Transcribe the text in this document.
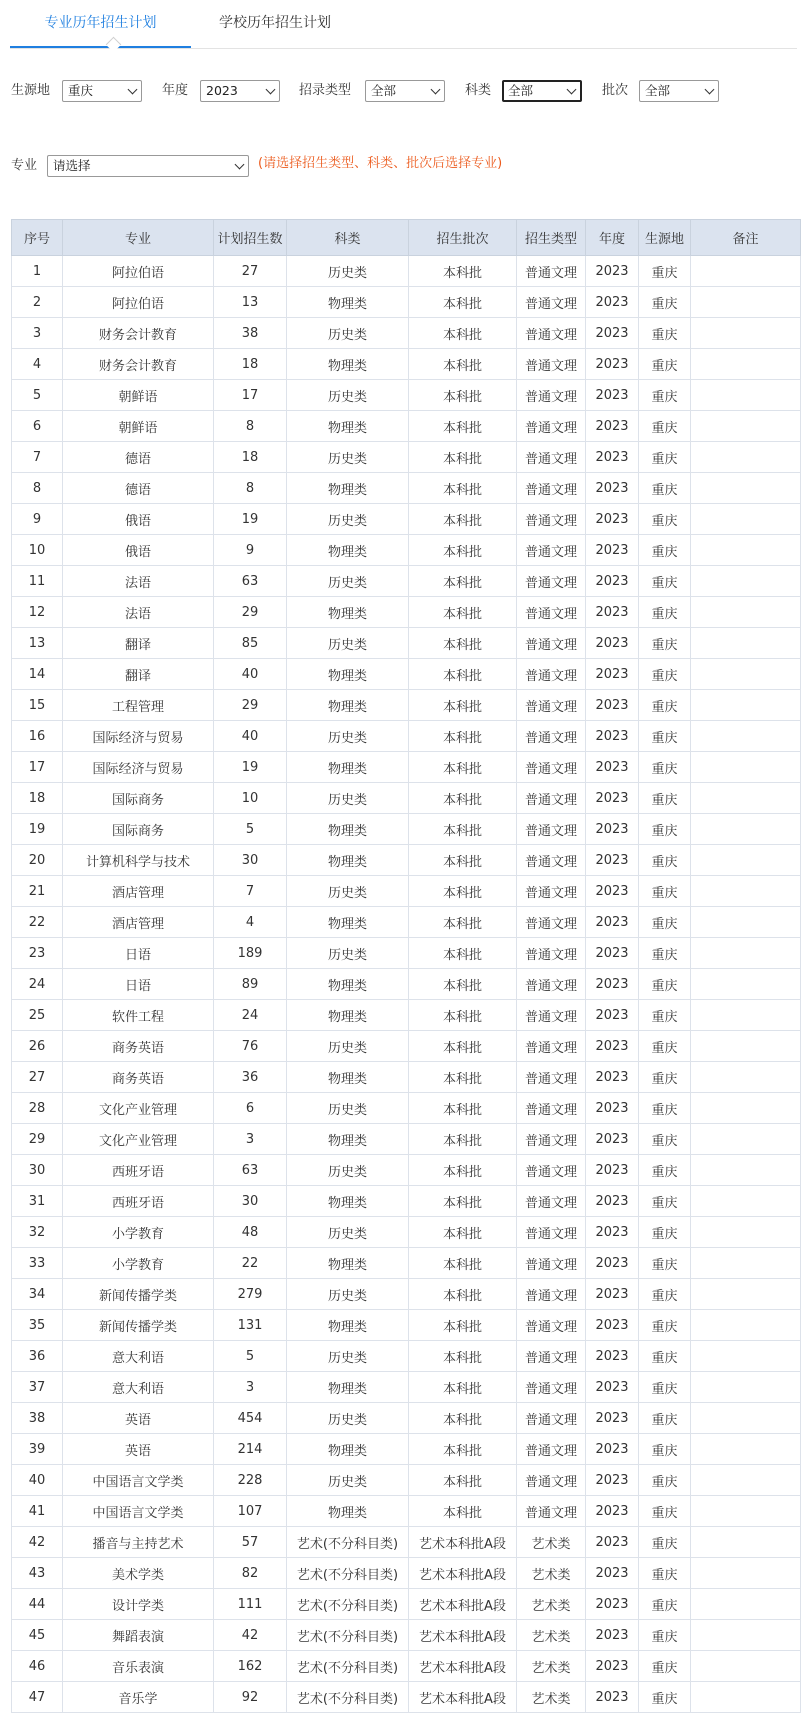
专业历年招生计划	学校历年招生计划
生源地	重庆	年度	2023	招录类型	全部	科类	全部	批次	全部
专业	请选择	(请选择招生类型、科类、批次后选择专业)
序号	专业	计划招生数	科类	招生批次	招生类型	年度	生源地	备注
1	阿拉伯语	27	历史类	本科批	普通文理	2023	重庆	
2	阿拉伯语	13	物理类	本科批	普通文理	2023	重庆	
3	财务会计教育	38	历史类	本科批	普通文理	2023	重庆	
4	财务会计教育	18	物理类	本科批	普通文理	2023	重庆	
5	朝鲜语	17	历史类	本科批	普通文理	2023	重庆	
6	朝鲜语	8	物理类	本科批	普通文理	2023	重庆	
7	德语	18	历史类	本科批	普通文理	2023	重庆	
8	德语	8	物理类	本科批	普通文理	2023	重庆	
9	俄语	19	历史类	本科批	普通文理	2023	重庆	
10	俄语	9	物理类	本科批	普通文理	2023	重庆	
11	法语	63	历史类	本科批	普通文理	2023	重庆	
12	法语	29	物理类	本科批	普通文理	2023	重庆	
13	翻译	85	历史类	本科批	普通文理	2023	重庆	
14	翻译	40	物理类	本科批	普通文理	2023	重庆	
15	工程管理	29	物理类	本科批	普通文理	2023	重庆	
16	国际经济与贸易	40	历史类	本科批	普通文理	2023	重庆	
17	国际经济与贸易	19	物理类	本科批	普通文理	2023	重庆	
18	国际商务	10	历史类	本科批	普通文理	2023	重庆	
19	国际商务	5	物理类	本科批	普通文理	2023	重庆	
20	计算机科学与技术	30	物理类	本科批	普通文理	2023	重庆	
21	酒店管理	7	历史类	本科批	普通文理	2023	重庆	
22	酒店管理	4	物理类	本科批	普通文理	2023	重庆	
23	日语	189	历史类	本科批	普通文理	2023	重庆	
24	日语	89	物理类	本科批	普通文理	2023	重庆	
25	软件工程	24	物理类	本科批	普通文理	2023	重庆	
26	商务英语	76	历史类	本科批	普通文理	2023	重庆	
27	商务英语	36	物理类	本科批	普通文理	2023	重庆	
28	文化产业管理	6	历史类	本科批	普通文理	2023	重庆	
29	文化产业管理	3	物理类	本科批	普通文理	2023	重庆	
30	西班牙语	63	历史类	本科批	普通文理	2023	重庆	
31	西班牙语	30	物理类	本科批	普通文理	2023	重庆	
32	小学教育	48	历史类	本科批	普通文理	2023	重庆	
33	小学教育	22	物理类	本科批	普通文理	2023	重庆	
34	新闻传播学类	279	历史类	本科批	普通文理	2023	重庆	
35	新闻传播学类	131	物理类	本科批	普通文理	2023	重庆	
36	意大利语	5	历史类	本科批	普通文理	2023	重庆	
37	意大利语	3	物理类	本科批	普通文理	2023	重庆	
38	英语	454	历史类	本科批	普通文理	2023	重庆	
39	英语	214	物理类	本科批	普通文理	2023	重庆	
40	中国语言文学类	228	历史类	本科批	普通文理	2023	重庆	
41	中国语言文学类	107	物理类	本科批	普通文理	2023	重庆	
42	播音与主持艺术	57	艺术(不分科目类)	艺术本科批A段	艺术类	2023	重庆	
43	美术学类	82	艺术(不分科目类)	艺术本科批A段	艺术类	2023	重庆	
44	设计学类	111	艺术(不分科目类)	艺术本科批A段	艺术类	2023	重庆	
45	舞蹈表演	42	艺术(不分科目类)	艺术本科批A段	艺术类	2023	重庆	
46	音乐表演	162	艺术(不分科目类)	艺术本科批A段	艺术类	2023	重庆	
47	音乐学	92	艺术(不分科目类)	艺术本科批A段	艺术类	2023	重庆	
